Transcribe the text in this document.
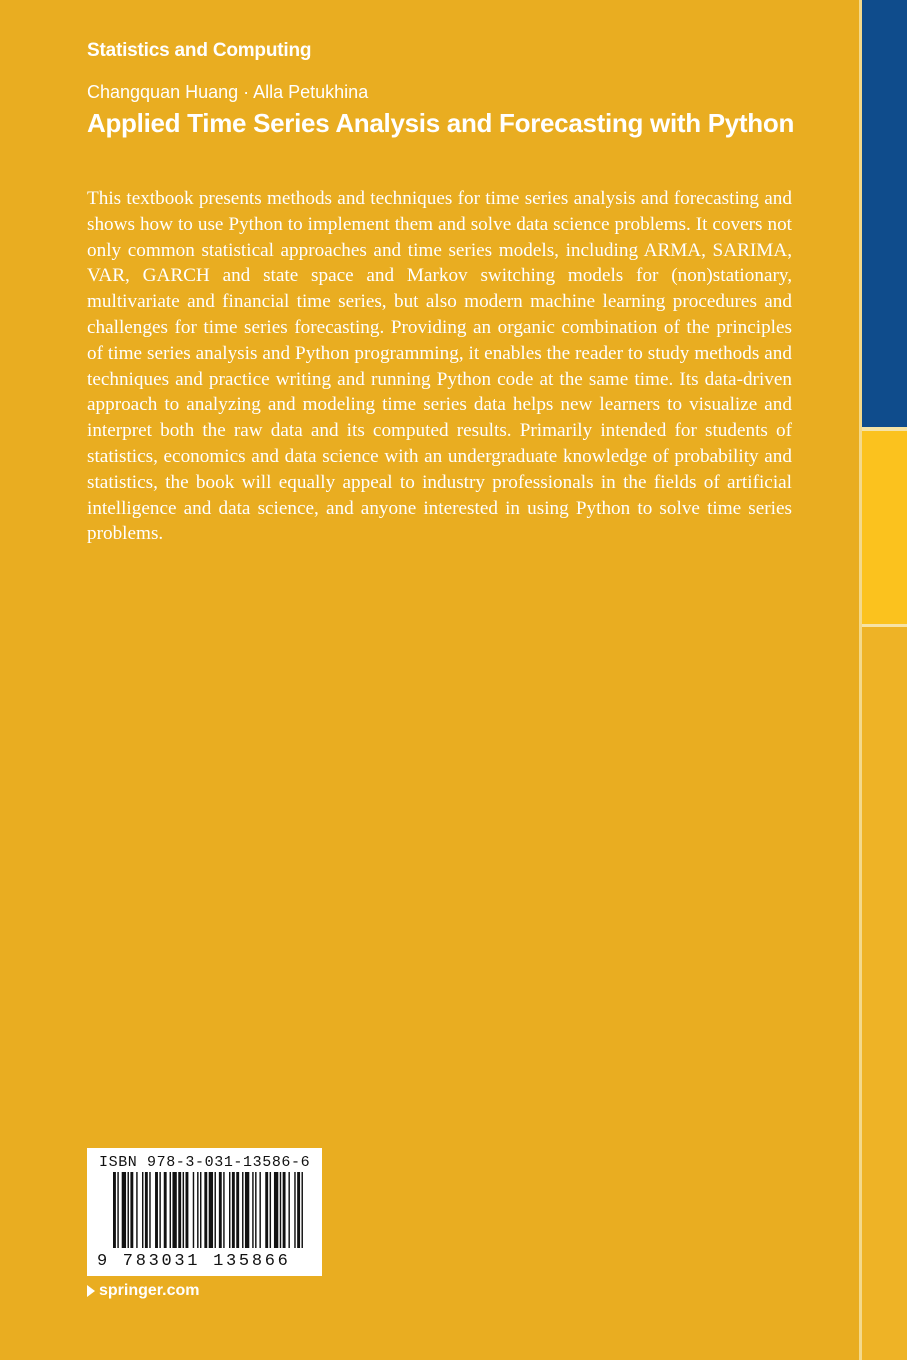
Statistics and Computing
Changquan Huang · Alla Petukhina
Applied Time Series Analysis and Forecasting with Python

This textbook presents methods and techniques for time series analysis and forecasting and shows how to use Python to implement them and solve data science problems. It covers not only common statistical approaches and time series models, including ARMA, SARIMA, VAR, GARCH and state space and Markov switching models for (non)stationary, multivariate and financial time series, but also modern machine learning procedures and challenges for time series forecasting. Providing an organic combination of the principles of time series analysis and Python programming, it enables the reader to study methods and techniques and practice writing and running Python code at the same time. Its data-driven approach to analyzing and modeling time series data helps new learners to visualize and interpret both the raw data and its computed results. Primarily intended for students of statistics, economics and data science with an undergraduate knowledge of probability and statistics, the book will equally appeal to industry professionals in the fields of artificial intelligence and data science, and anyone interested in using Python to solve time series problems.

ISBN 978-3-031-13586-6
9 783031 135866
springer.com
